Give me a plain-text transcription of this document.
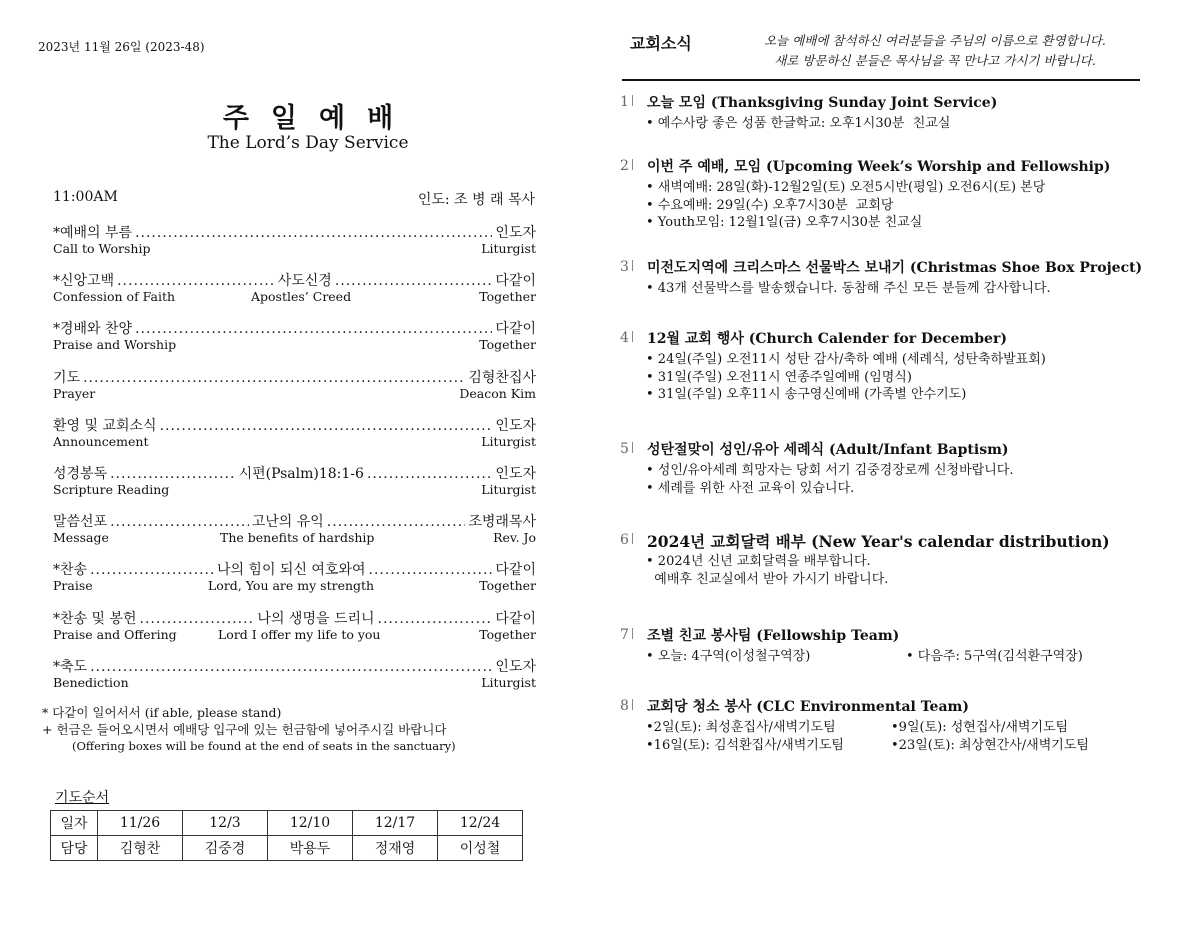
2023년 11월 26일 (2023-48)
주일예배
The Lord’s Day Service
11:00AM	인도: 조 병 래 목사
*예배의 부름 .....	인도자
Call to Worship	Liturgist
*신앙고백 .....	사도신경 .....	다같이
Confession of Faith	Apostles’ Creed	Together
*경배와 찬양 .....	다같이
Praise and Worship	Together
기도 .....	김형찬집사
Prayer	Deacon Kim
환영 및 교회소식 .....	인도자
Announcement	Liturgist
성경봉독 .....	시편(Psalm)18:1-6 .....	인도자
Scripture Reading	Liturgist
말씀선포 .....	고난의 유익 .....	조병래목사
Message	The benefits of hardship	Rev. Jo
*찬송 .....	나의 힘이 되신 여호와여 .....	다같이
Praise	Lord, You are my strength	Together
*찬송 및 봉헌 .....	나의 생명을 드리니 .....	다같이
Praise and Offering	Lord I offer my life to you	Together
*축도 .....	인도자
Benediction	Liturgist
* 다같이 일어서서 (if able, please stand)
+ 헌금은 들어오시면서 예배당 입구에 있는 헌금함에 넣어주시길 바랍니다
(Offering boxes will be found at the end of seats in the sanctuary)
기도순서
일자	11/26	12/3	12/10	12/17	12/24
담당	김형찬	김중경	박용두	정재영	이성철
교회소식	오늘 예배에 참석하신 여러분들을 주님의 이름으로 환영합니다.
새로 방문하신 분들은 목사님을 꼭 만나고 가시기 바랍니다.
1 오늘 모임 (Thanksgiving Sunday Joint Service)
• 예수사랑 좋은 성품 한글학교: 오후1시30분  친교실
2 이번 주 예배, 모임 (Upcoming Week’s Worship and Fellowship)
• 새벽예배: 28일(화)-12월2일(토) 오전5시반(평일) 오전6시(토) 본당
• 수요예배: 29일(수) 오후7시30분  교회당
• Youth모임: 12월1일(금) 오후7시30분 친교실
3 미전도지역에 크리스마스 선물박스 보내기 (Christmas Shoe Box Project)
• 43개 선물박스를 발송했습니다. 동참해 주신 모든 분들께 감사합니다.
4 12월 교회 행사 (Church Calender for December)
• 24일(주일) 오전11시 성탄 감사/축하 예배 (세례식, 성탄축하발표회)
• 31일(주일) 오전11시 연종주일예배 (임명식)
• 31일(주일) 오후11시 송구영신예배 (가족별 안수기도)
5 성탄절맞이 성인/유아 세례식 (Adult/Infant Baptism)
• 성인/유아세례 희망자는 당회 서기 김중경장로께 신청바랍니다.
• 세례를 위한 사전 교육이 있습니다.
6 2024년 교회달력 배부 (New Year's calendar distribution)
• 2024년 신년 교회달력을 배부합니다.
예배후 친교실에서 받아 가시기 바랍니다.
7 조별 친교 봉사팀 (Fellowship Team)
• 오늘: 4구역(이성철구역장)	• 다음주: 5구역(김석환구역장)
8 교회당 청소 봉사 (CLC Environmental Team)
•2일(토): 최성훈집사/새벽기도팀	•9일(토): 성현집사/새벽기도팀
•16일(토): 김석환집사/새벽기도팀	•23일(토): 최상현간사/새벽기도팀
